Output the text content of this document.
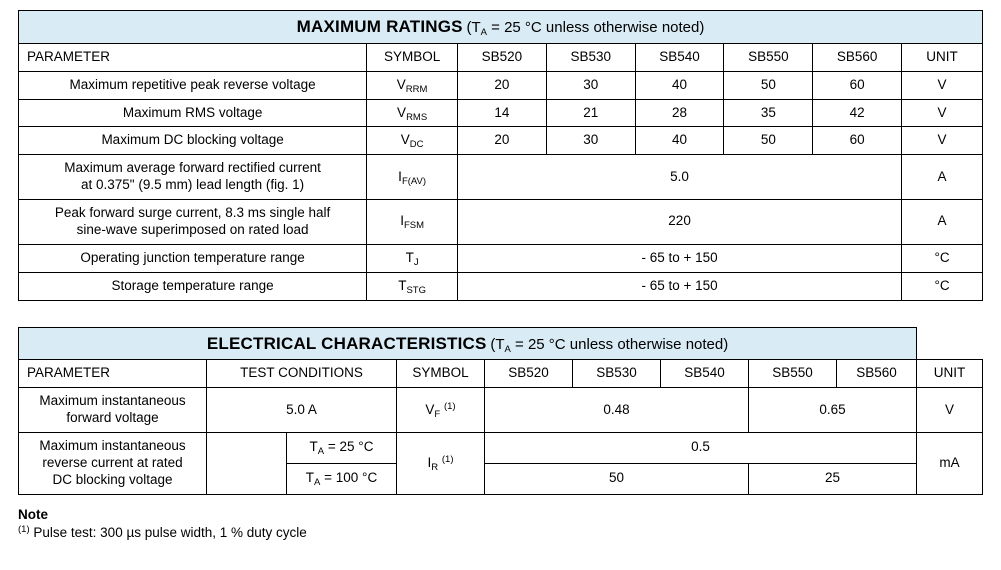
MAXIMUM RATINGS ($T_A = 25$ °C unless otherwise noted)							
PARAMETER	SYMBOL	SB520	SB530	SB540	SB550	SB560	UNIT
Maximum repetitive peak reverse voltage	$V_{RRM}$	20	30	40	50	60	V
Maximum RMS voltage	$V_{RMS}$	14	21	28	35	42	V
Maximum DC blocking voltage	$V_{DC}$	20	30	40	50	60	V
Maximum average forward rectified current
at 0.375" (9.5 mm) lead length (fig. 1)	$I_{F(AV)}$	5.0					A
Peak forward surge current, 8.3 ms single half
sine-wave superimposed on rated load	$I_{FSM}$	220					A
Operating junction temperature range	$T_J$	- 65 to + 150					°C
Storage temperature range	$T_{STG}$	- 65 to + 150					°C
ELECTRICAL CHARACTERISTICS ($T_A = 25$ °C unless otherwise noted)									
PARAMETER	TEST CONDITIONS		SYMBOL	SB520	SB530	SB540	SB550	SB560	UNIT
Maximum instantaneous
forward voltage	5.0 A		$V_F$ $^{(1)}$	0.48			0.65		V
Maximum instantaneous
reverse current at rated
DC blocking voltage		$T_A = 25$ °C	$I_R$ $^{(1)}$	0.5					mA
		$T_A = 100$ °C		50			25		
Note
$^{(1)}$ Pulse test: 300 µs pulse width, 1 % duty cycle
